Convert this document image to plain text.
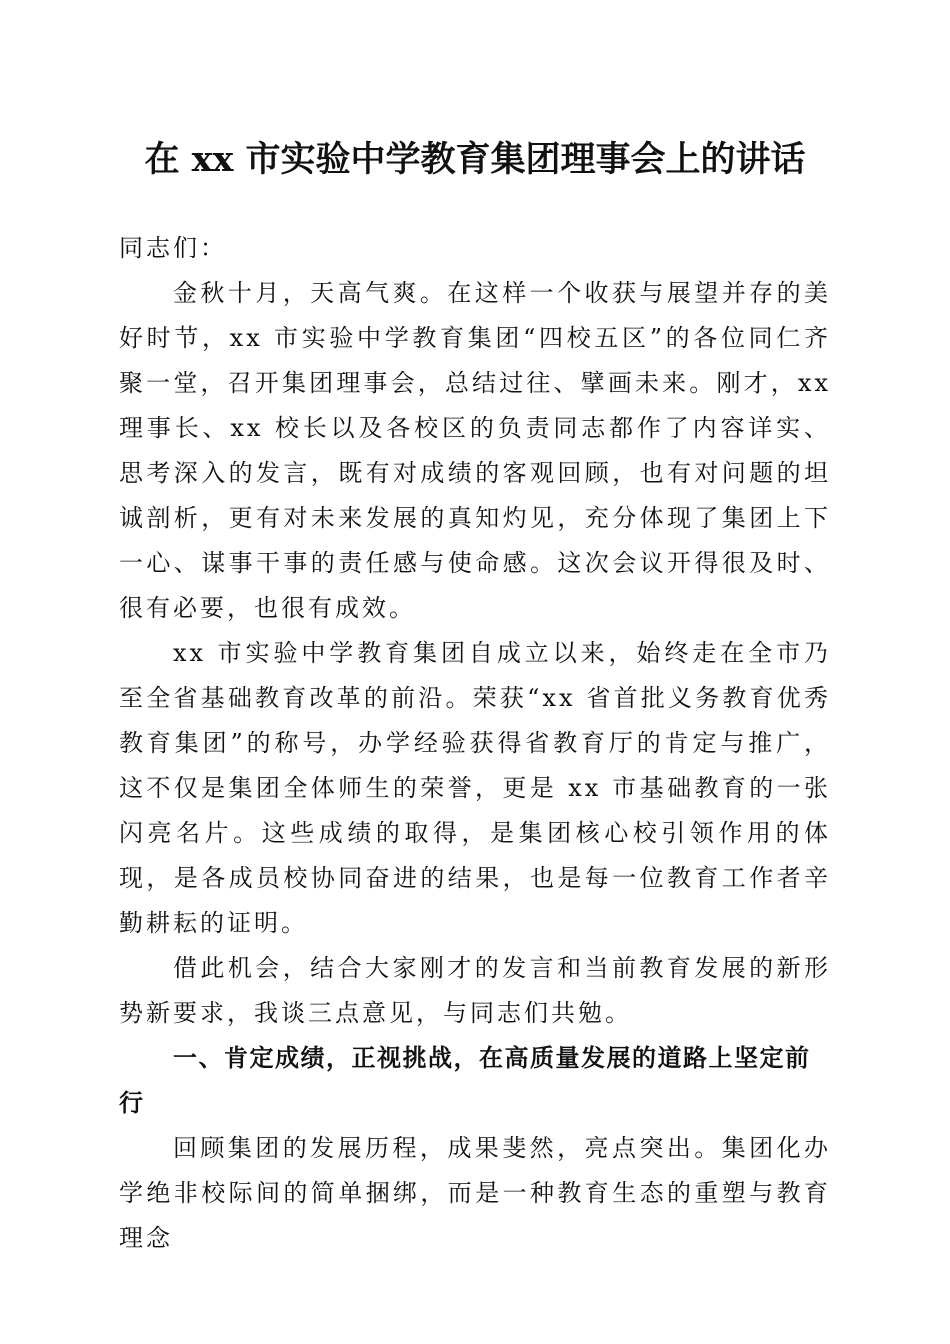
在 xx 市实验中学教育集团理事会上的讲话

同志们：

金秋十月，天高气爽。在这样一个收获与展望并存的美好时节，xx 市实验中学教育集团“四校五区”的各位同仁齐聚一堂，召开集团理事会，总结过往、擘画未来。刚才，xx 理事长、xx 校长以及各校区的负责同志都作了内容详实、思考深入的发言，既有对成绩的客观回顾，也有对问题的坦诚剖析，更有对未来发展的真知灼见，充分体现了集团上下一心、谋事干事的责任感与使命感。这次会议开得很及时、很有必要，也很有成效。

xx 市实验中学教育集团自成立以来，始终走在全市乃至全省基础教育改革的前沿。荣获“xx 省首批义务教育优秀教育集团”的称号，办学经验获得省教育厅的肯定与推广，这不仅是集团全体师生的荣誉，更是 xx 市基础教育的一张闪亮名片。这些成绩的取得，是集团核心校引领作用的体现，是各成员校协同奋进的结果，也是每一位教育工作者辛勤耕耘的证明。

借此机会，结合大家刚才的发言和当前教育发展的新形势新要求，我谈三点意见，与同志们共勉。

一、肯定成绩，正视挑战，在高质量发展的道路上坚定前行

回顾集团的发展历程，成果斐然，亮点突出。集团化办学绝非校际间的简单捆绑，而是一种教育生态的重塑与教育理念
